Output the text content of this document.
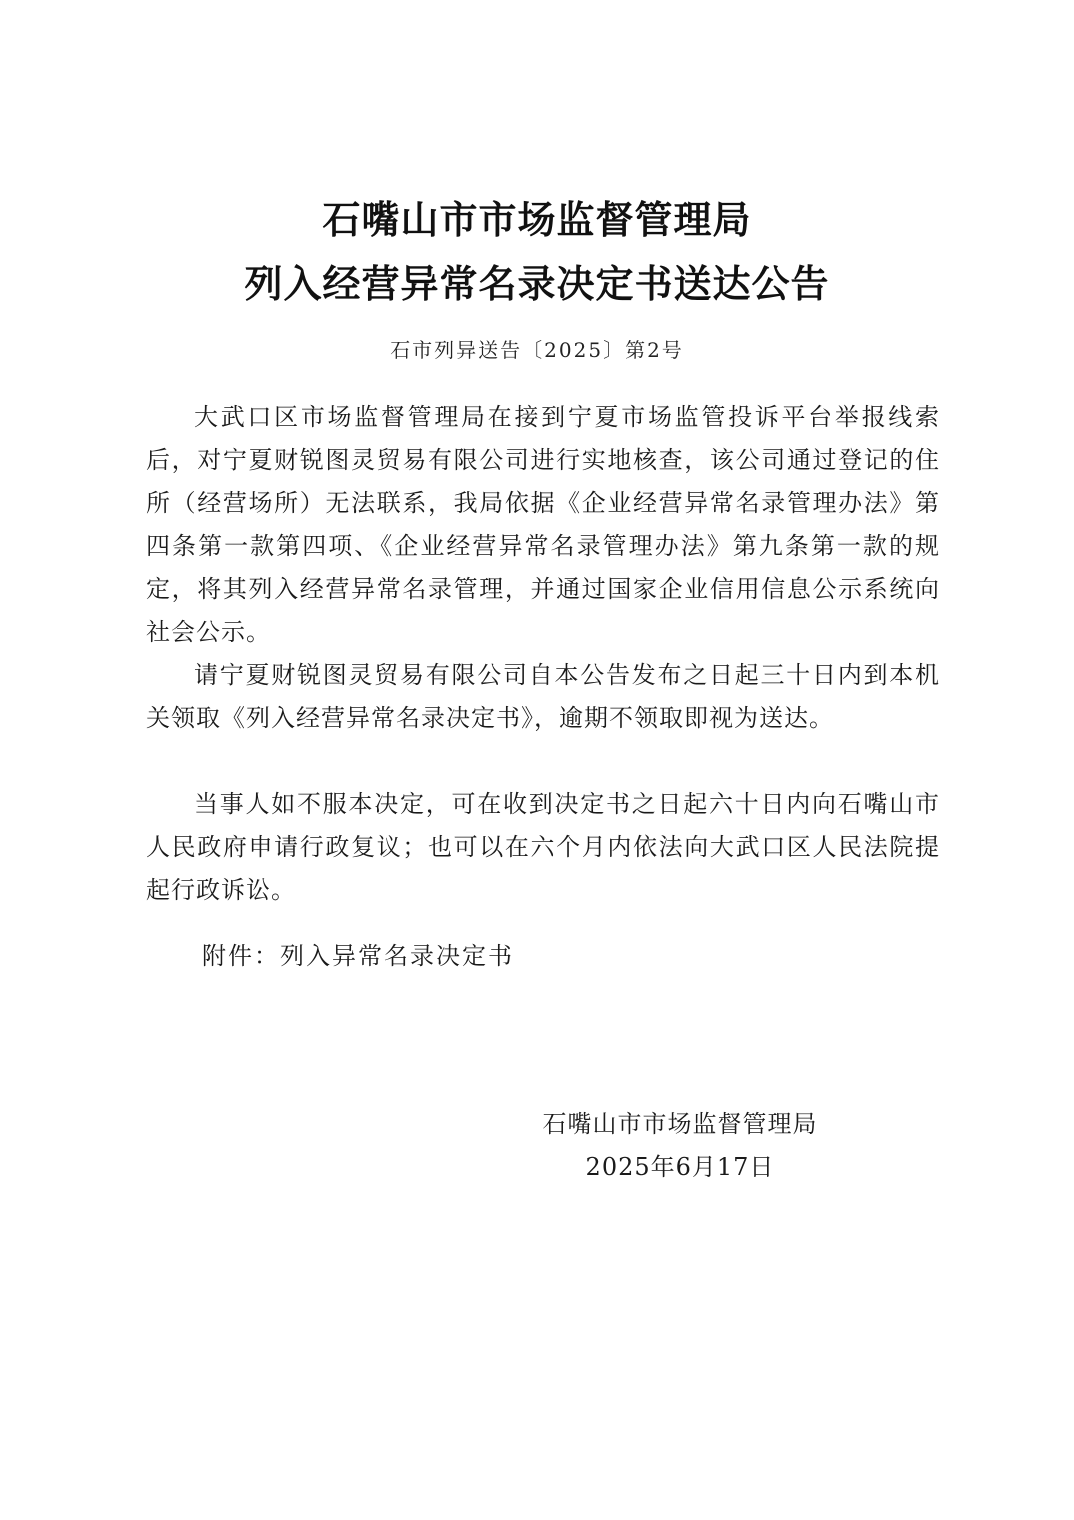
石嘴山市市场监督管理局
列入经营异常名录决定书送达公告
石市列异送告〔2025〕第2号

大武口区市场监督管理局在接到宁夏市场监管投诉平台举报线索后，对宁夏财锐图灵贸易有限公司进行实地核查，该公司通过登记的住所（经营场所）无法联系，我局依据《企业经营异常名录管理办法》第四条第一款第四项、《企业经营异常名录管理办法》第九条第一款的规定，将其列入经营异常名录管理，并通过国家企业信用信息公示系统向社会公示。

请宁夏财锐图灵贸易有限公司自本公告发布之日起三十日内到本机关领取《列入经营异常名录决定书》，逾期不领取即视为送达。

当事人如不服本决定，可在收到决定书之日起六十日内向石嘴山市人民政府申请行政复议；也可以在六个月内依法向大武口区人民法院提起行政诉讼。

附件：列入异常名录决定书
石嘴山市市场监督管理局
2025年6月17日
